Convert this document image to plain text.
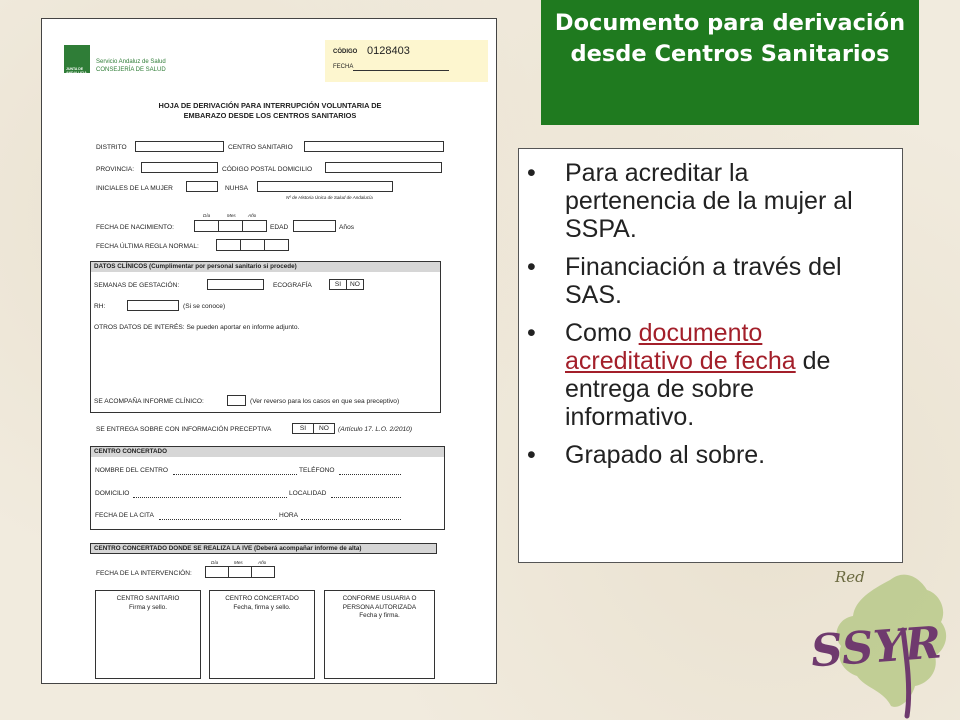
JUNTA DE ANDALUCIA
Servicio Andaluz de Salud
CONSEJERÍA DE SALUD
CÓDIGO 0128403
FECHA
HOJA DE DERIVACIÓN PARA INTERRUPCIÓN VOLUNTARIA DE
EMBARAZO DESDE LOS CENTROS SANITARIOS
DISTRITO	CENTRO SANITARIO
PROVINCIA:	CÓDIGO POSTAL DOMICILIO
INICIALES DE LA MUJER	NUHSA
Nº de Historia Única de Salud de Andalucía
Día	Mes	Año
FECHA DE NACIMIENTO:	EDAD	Años
FECHA ÚLTIMA REGLA NORMAL:
DATOS CLÍNICOS (Cumplimentar por personal sanitario si procede)
SEMANAS DE GESTACIÓN:	ECOGRAFÍA	SI	NO
RH:	(Si se conoce)
OTROS DATOS DE INTERÉS: Se pueden aportar en informe adjunto.
SE ACOMPAÑA INFORME CLÍNICO:	(Ver reverso para los casos en que sea preceptivo)
SE ENTREGA SOBRE CON INFORMACIÓN PRECEPTIVA	SI	NO	(Artículo 17. L.O. 2/2010)
CENTRO CONCERTADO
NOMBRE DEL CENTRO	TELÉFONO
DOMICILIO	LOCALIDAD
FECHA DE LA CITA	HORA
CENTRO CONCERTADO DONDE SE REALIZA LA IVE (Deberá acompañar informe de alta)
Día	Mes	Año
FECHA DE LA INTERVENCIÓN:
CENTRO SANITARIO
Firma y sello.
CENTRO CONCERTADO
Fecha, firma y sello.
CONFORME USUARIA O
PERSONA AUTORIZADA
Fecha y firma.
Documento para derivación desde Centros Sanitarios
• Para acreditar la pertenencia de la mujer al SSPA.
• Financiación a través del SAS.
• Como documento acreditativo de fecha de entrega de sobre informativo.
• Grapado al sobre.
Red
SSYR
